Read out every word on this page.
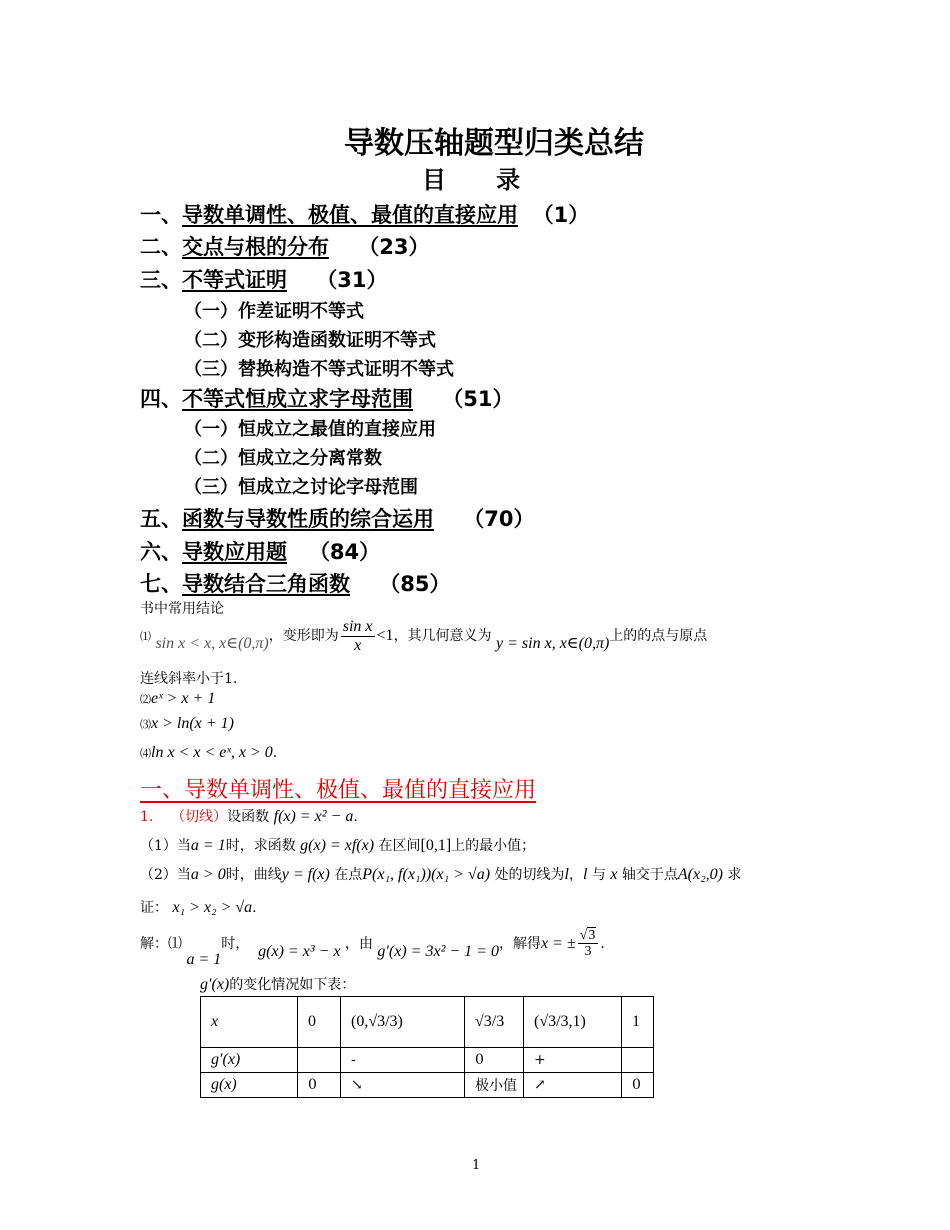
导数压轴题型归类总结
目      录
一、导数单调性、极值、最值的直接应用 （1）
二、交点与根的分布 （23）
三、不等式证明 （31）
（一）作差证明不等式
（二）变形构造函数证明不等式
（三）替换构造不等式证明不等式
四、不等式恒成立求字母范围 （51）
（一）恒成立之最值的直接应用
（二）恒成立之分离常数
（三）恒成立之讨论字母范围
五、函数与导数性质的综合运用 （70）
六、导数应用题 （84）
七、导数结合三角函数 （85）
书中常用结论
⑴ sin x < x, x∈(0,π)，变形即为 $\frac{\text{sin x}}{x} <1$，其几何意义为 y = sin x, x∈(0,π)上的的点与原点
连线斜率小于1.
⑵eˣ > x + 1
⑶x > ln(x + 1)
⑷ln x < x < eˣ, x > 0.
一、导数单调性、极值、最值的直接应用
1. （切线）设函数 f(x) = x² − a.
（1）当a = 1时，求函数 g(x) = xf(x) 在区间[0,1]上的最小值；
（2）当a > 0时，曲线y = f(x) 在点P(x₁, f(x₁))(x₁ > √a) 处的切线为l，l 与 x 轴交于点A(x₂,0) 求
证： x₁ > x₂ > √a.
解：⑴ a = 1时， g(x) = x³ − x ，由 g′(x) = 3x² − 1 = 0，解得x = ± $\frac{√3}{3}$ .
g′(x)的变化情况如下表：
x	0	(0,√3/3)	√3/3	(√3/3,1)	1
g′(x)		-	0	+	
g(x)	0	↘	极小值	↗	0
1
